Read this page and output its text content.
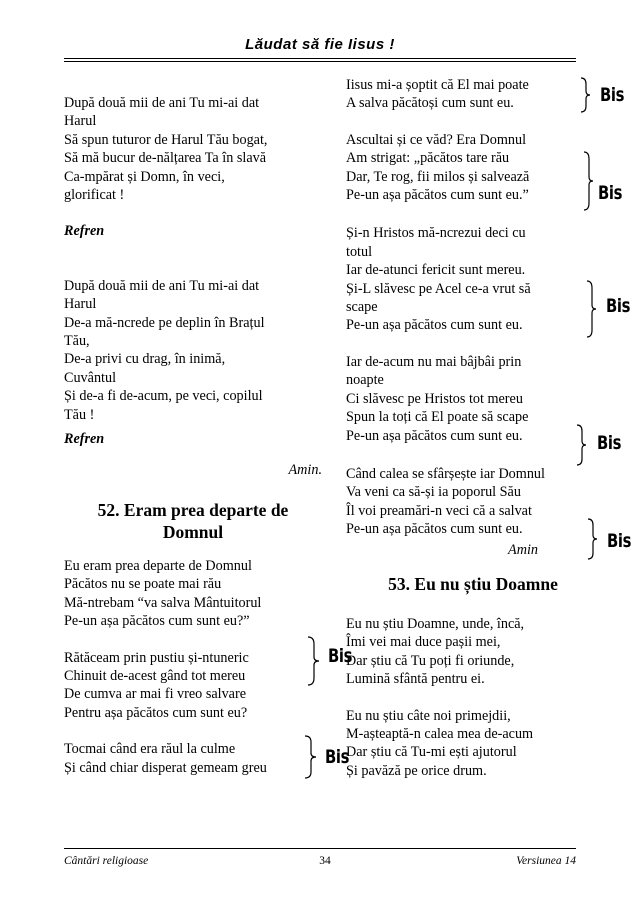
Lăudat să fie Iisus !
După două mii de ani Tu mi-ai dat
Harul
Să spun tuturor de Harul Tău bogat,
Să mă bucur de-nălțarea Ta în slavă
Ca-mpărat și Domn, în veci,
glorificat !
Refren
După două mii de ani Tu mi-ai dat
Harul
De-a mă-ncrede pe deplin în Brațul
Tău,
De-a privi cu drag, în inimă,
Cuvântul
Și de-a fi de-acum, pe veci, copilul
Tău !
Refren
Amin.
52. Eram prea departe de
Domnul
Eu eram prea departe de Domnul
Păcătos nu se poate mai rău
Mă-ntrebam “va salva Mântuitorul
Pe-un așa păcătos cum sunt eu?”
Rătăceam prin pustiu și-ntuneric
Chinuit de-acest gând tot mereu
De cumva ar mai fi vreo salvare
Pentru așa păcătos cum sunt eu?
Tocmai când era răul la culme
Și când chiar disperat gemeam greu
Iisus mi-a șoptit că El mai poate
A salva păcătoși cum sunt eu.
Ascultai și ce văd? Era Domnul
Am strigat: „păcătos tare rău
Dar, Te rog, fii milos și salvează
Pe-un așa păcătos cum sunt eu.”
Și-n Hristos mă-ncrezui deci cu
totul
Iar de-atunci fericit sunt mereu.
Și-L slăvesc pe Acel ce-a vrut să
scape
Pe-un așa păcătos cum sunt eu.
Iar de-acum nu mai bâjbâi prin
noapte
Ci slăvesc pe Hristos tot mereu
Spun la toți că El poate să scape
Pe-un așa păcătos cum sunt eu.
Când calea se sfârșește iar Domnul
Va veni ca să-și ia poporul Său
Îl voi preamări-n veci că a salvat
Pe-un așa păcătos cum sunt eu.
Amin
53. Eu nu știu Doamne
Eu nu știu Doamne, unde, încă,
Îmi vei mai duce pașii mei,
Dar știu că Tu poți fi oriunde,
Lumină sfântă pentru ei.
Eu nu știu câte noi primejdii,
M-așteaptă-n calea mea de-acum
Dar știu că Tu-mi ești ajutorul
Și pavăză pe orice drum.
Bis
Bis
Bis
Bis
Bis
Bis
Bis
Cântări religioase	34	Versiunea 14
